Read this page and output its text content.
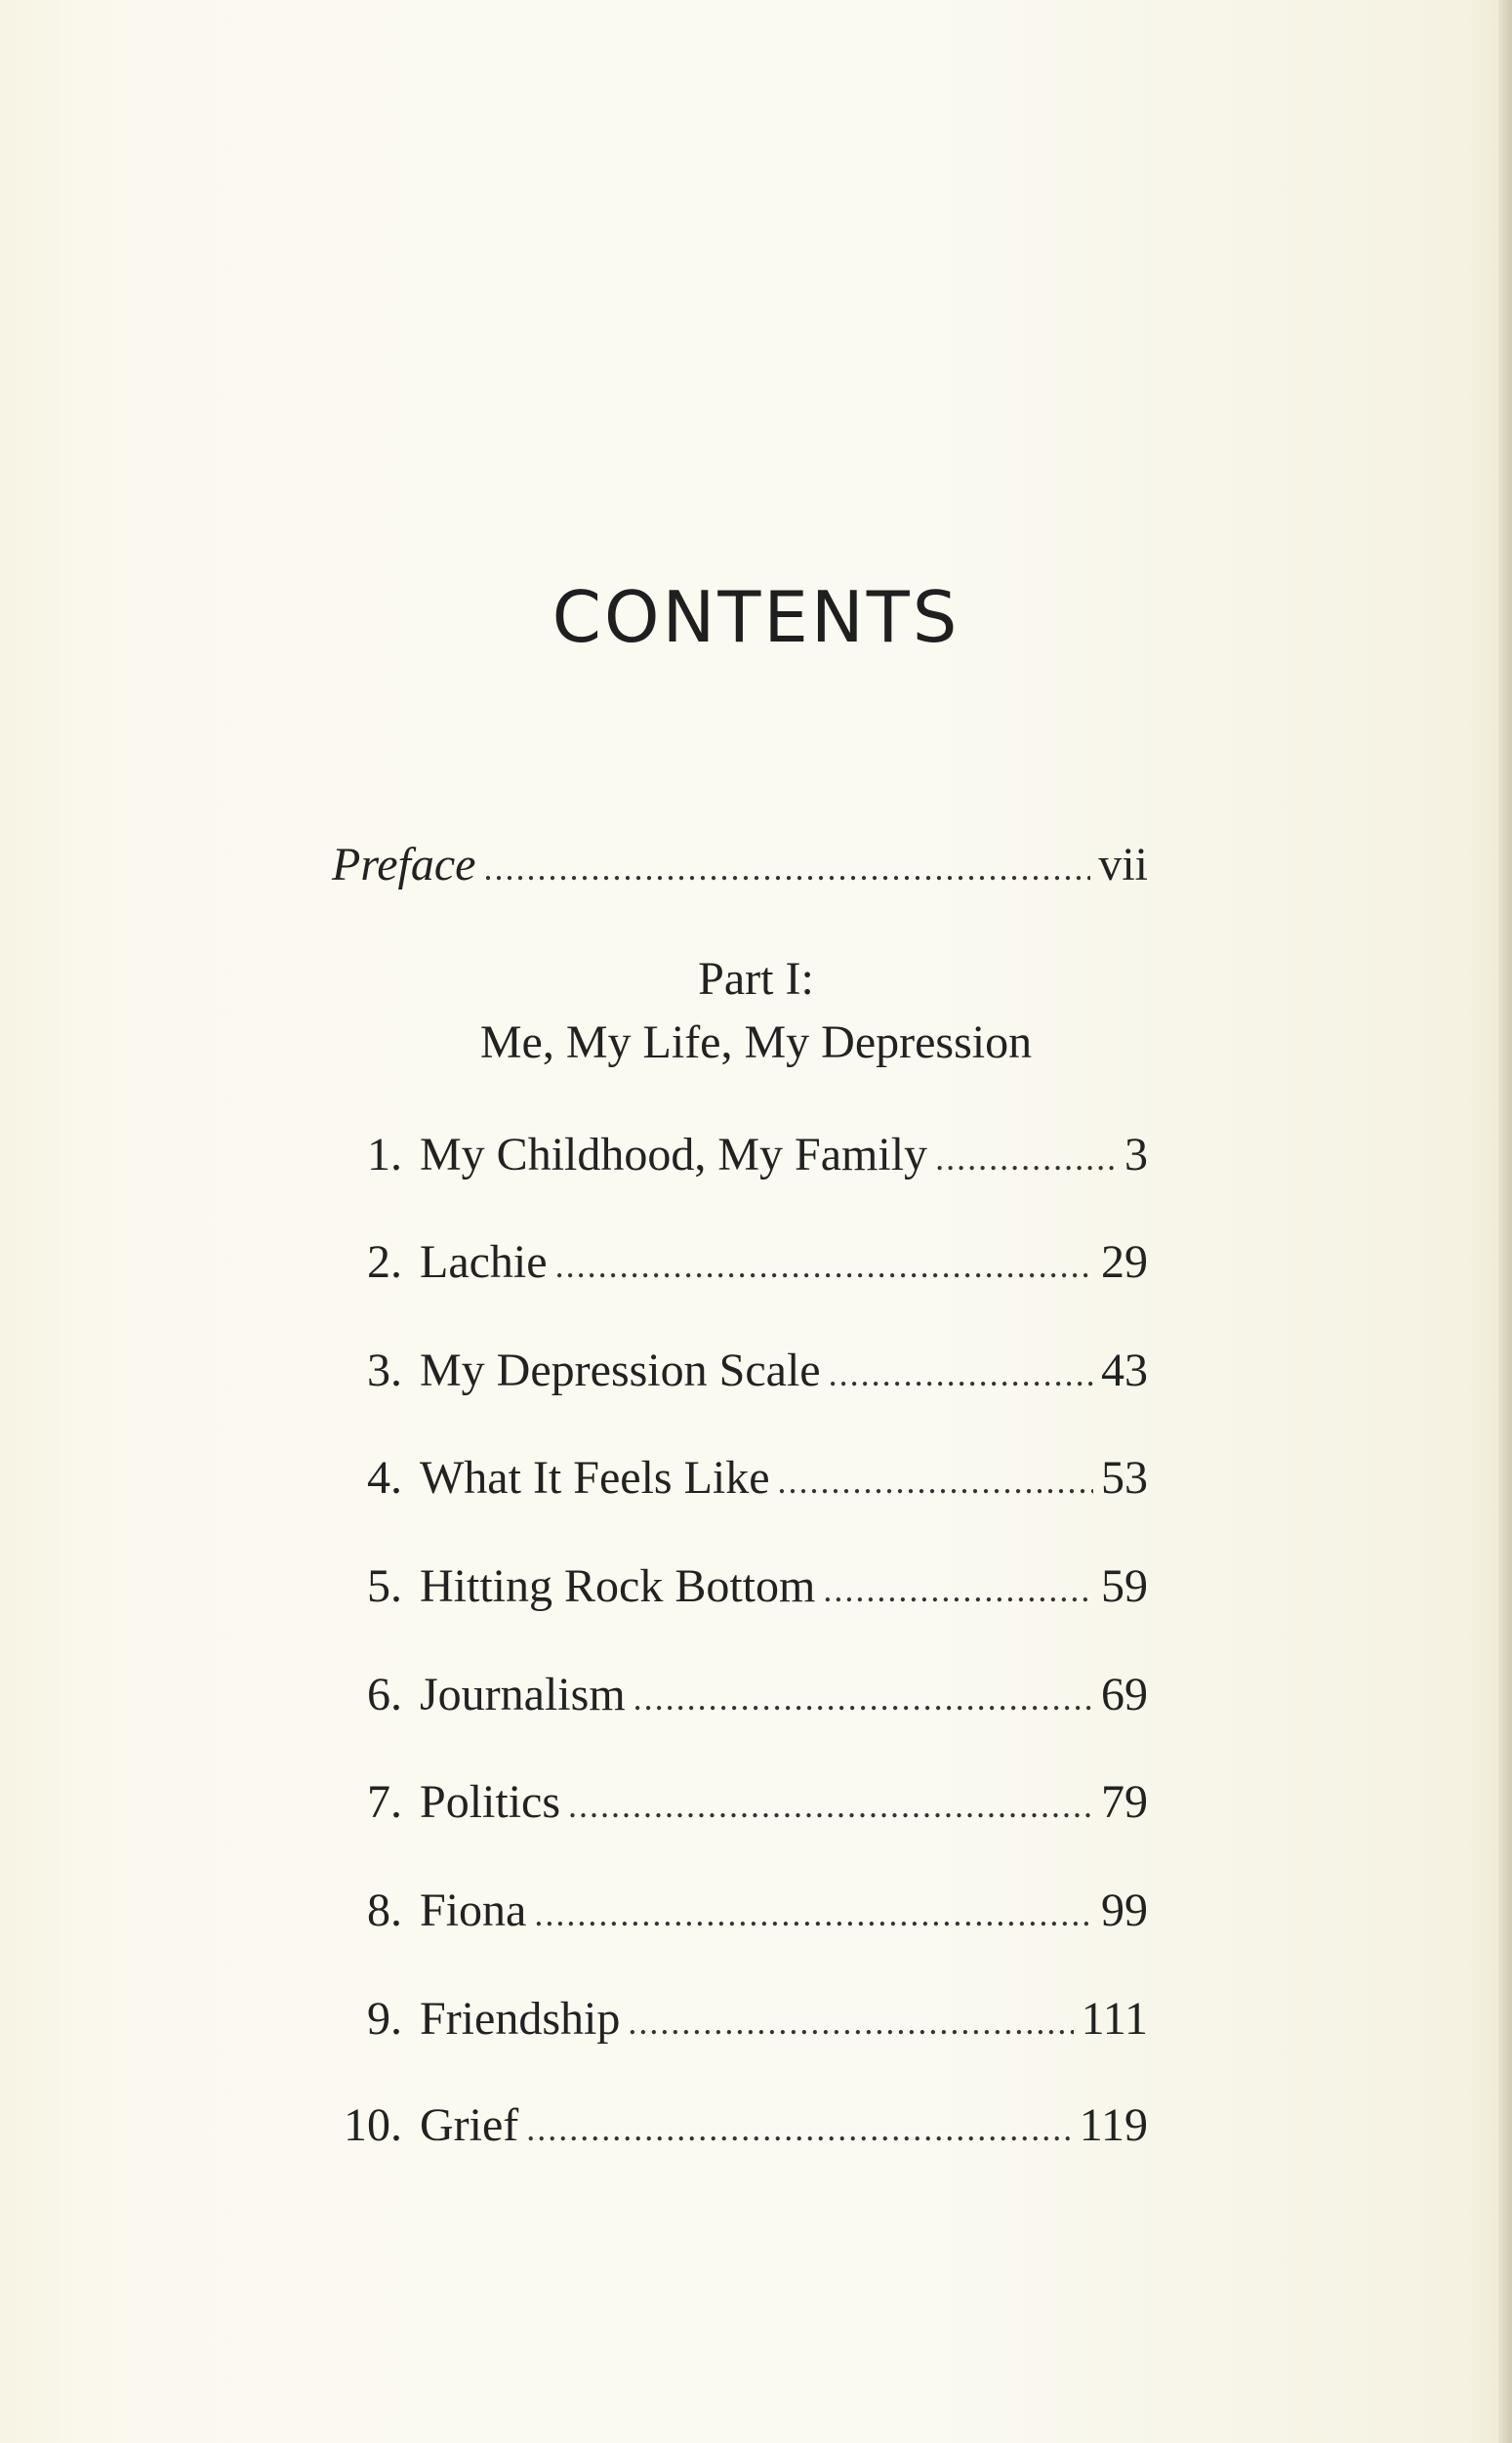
CONTENTS
Preface .....	vii
Part I:
Me, My Life, My Depression
1. My Childhood, My Family .....	3
2. Lachie .....	29
3. My Depression Scale .....	43
4. What It Feels Like .....	53
5. Hitting Rock Bottom .....	59
6. Journalism .....	69
7. Politics .....	79
8. Fiona .....	99
9. Friendship .....	111
10. Grief .....	119
